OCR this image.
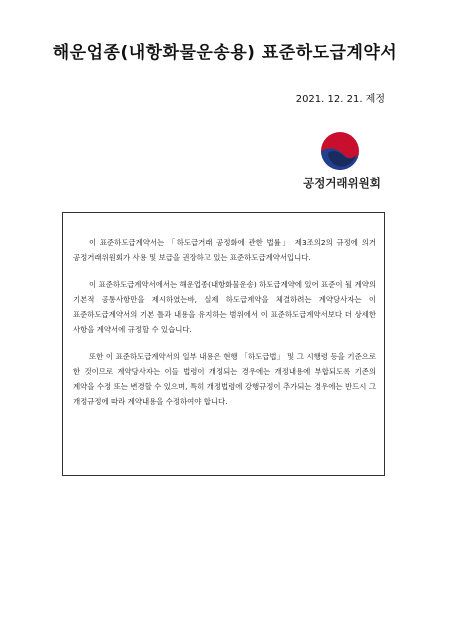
해운업종(내항화물운송용) 표준하도급계약서
2021. 12. 21. 제정
공정거래위원회

이 표준하도급계약서는 「하도급거래 공정화에 관한 법률」 제3조의2의 규정에 의거 공정거래위원회가 사용 및 보급을 권장하고 있는 표준하도급계약서입니다.

이 표준하도급계약서에서는 해운업종(내항화물운송) 하도급계약에 있어 표준이 될 계약의 기본적 공통사항만을 제시하였는바, 실제 하도급계약을 체결하려는 계약당사자는 이 표준하도급계약서의 기본 틀과 내용을 유지하는 범위에서 이 표준하도급계약서보다 더 상세한 사항을 계약서에 규정할 수 있습니다.

또한 이 표준하도급계약서의 일부 내용은 현행 「하도급법」 및 그 시행령 등을 기준으로 한 것이므로 계약당사자는 이들 법령이 개정되는 경우에는 개정내용에 부합되도록 기존의 계약을 수정 또는 변경할 수 있으며, 특히 개정법령에 강행규정이 추가되는 경우에는 반드시 그 개정규정에 따라 계약내용을 수정하여야 합니다.
